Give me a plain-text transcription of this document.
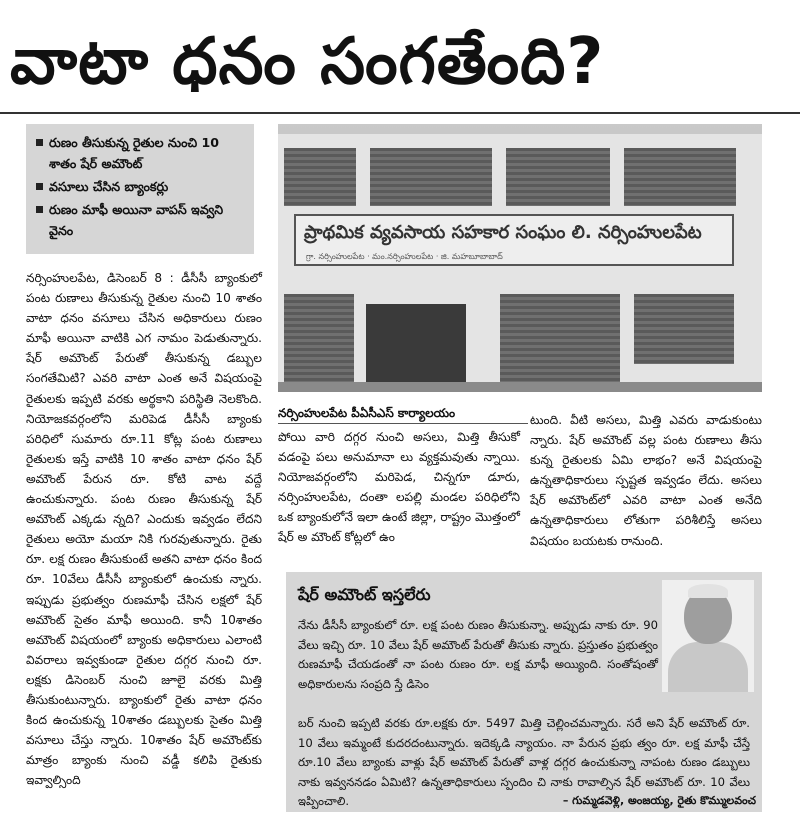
వాటా ధనం సంగతేంది?
రుణం తీసుకున్న రైతుల నుంచి 10 శాతం షేర్ అమౌంట్
వసూలు చేసిన బ్యాంకర్లు
రుణం మాఫీ అయినా వాపస్ ఇవ్వని వైనం

నర్సింహులపేట, డిసెంబర్ 8 : డీసీసీ బ్యాంకులో పంట రుణాలు తీసుకున్న రైతుల నుంచి 10 శాతం వాటా ధనం వసూలు చేసిన అధికారులు రుణం మాఫీ అయినా వాటికి ఎగ నామం పెడుతున్నారు. షేర్ అమౌంట్ పేరుతో తీసుకున్న డబ్బుల సంగతేమిటి? ఎవరి వాటా ఎంత అనే విషయంపై రైతులకు ఇప్పటి వరకు అర్థకాని పరిస్థితి నెలకొంది. నియోజకవర్గంలోని మరిపెడ డీసీసీ బ్యాంకు పరిధిలో సుమారు రూ.11 కోట్ల పంట రుణాలు రైతులకు ఇస్తే వాటికి 10 శాతం వాటా ధనం షేర్ అమౌంట్ పేరున రూ. కోటి వాట వద్దే ఉంచుకున్నారు. పంట రుణం తీసుకున్న షేర్ అమౌంట్ ఎక్కడు న్నది? ఎందుకు ఇవ్వడం లేదని రైతులు అయో మయా నికి గురవుతున్నారు. రైతు రూ. లక్ష రుణం తీసుకుంటే అతని వాటా ధనం కింద రూ. 10వేలు డీసీసీ బ్యాంకులో ఉంచుకు న్నారు. ఇప్పుడు ప్రభుత్వం రుణమాఫీ చేసిన లక్షలో షేర్ అమౌంట్ సైతం మాఫీ అయింది. కానీ 10శాతం అమౌంట్ విషయంలో బ్యాంకు అధికారులు ఎలాంటి వివరాలు ఇవ్వకుండా రైతుల దగ్గర నుంచి రూ. లక్షకు డిసెంబర్ నుంచి జూలై వరకు మిత్తి తీసుకుంటున్నారు. బ్యాంకులో రైతు వాటా ధనం కింద ఉంచుకున్న 10శాతం డబ్బులకు సైతం మిత్తి వసూలు చేస్తు న్నారు. 10శాతం షేర్ అమౌంట్‌కు మాత్రం బ్యాంకు నుంచి వడ్డీ కలిపి రైతుకు ఇవ్వాల్సింది

ప్రాథమిక వ్యవసాయ సహకార సంఘం లి. నర్సింహులపేట
గ్రా. నర్సింహులపేట · మం.నర్సింహులపేట · జి. మహబూబాబాద్
నర్సింహులపేట పీఏసీఎస్ కార్యాలయం

పోయి వారి దగ్గర నుంచి అసలు, మిత్తి తీసుకో వడంపై పలు అనుమానా లు వ్యక్తమవుతు న్నాయి. నియోజవర్గంలోని మరిపెడ, చిన్నగూ డూరు, నర్సింహులపేట, దంతా లపల్లి మండల పరిధిలోని ఒక బ్యాంకులోనే ఇలా ఉంటే జిల్లా, రాష్ట్రం మొత్తంలో షేర్ అ మౌంట్ కోట్లలో ఉం

టుంది. వీటి అసలు, మిత్తి ఎవరు వాడుకుంటు న్నారు. షేర్ అమౌంట్ వల్ల పంట రుణాలు తీసు కున్న రైతులకు ఏమి లాభం? అనే విషయంపై ఉన్నతాధికారులు స్పష్టత ఇవ్వడం లేదు. అసలు షేర్ అమౌంట్‌లో ఎవరి వాటా ఎంత అనేది ఉన్నతాధికారులు లోతుగా పరిశీలిస్తే అసలు విషయం బయటకు రానుంది.

షేర్ అమౌంట్ ఇస్తలేరు

నేను డీసీసీ బ్యాంకులో రూ. లక్ష పంట రుణం తీసుకున్నా. అప్పుడు నాకు రూ. 90 వేలు ఇచ్చి రూ. 10 వేలు షేర్ అమౌంట్ పేరుతో తీసుకు న్నారు. ప్రస్తుతం ప్రభుత్వం రుణమాఫీ చేయడంతో నా పంట రుణం రూ. లక్ష మాఫీ అయ్యింది. సంతోషంతో అధికారులను సంప్రది స్తే డిసెం

బర్ నుంచి ఇప్పటి వరకు రూ.లక్షకు రూ. 5497 మిత్తి చెల్లించమన్నారు. సరే అని షేర్ అమౌంట్ రూ. 10 వేలు ఇమ్మంటే కుదరదంటున్నారు. ఇదెక్కడి న్యాయం. నా పేరున ప్రభు త్వం రూ. లక్ష మాఫీ చేస్తే రూ.10 వేలు బ్యాంకు వాళ్లు షేర్ అమౌంట్ పేరుతో వాళ్ల దగ్గర ఉంచుకున్నా నాపంట రుణం డబ్బులు నాకు ఇవ్వననడం ఏమిటి? ఉన్నతాధికారులు స్పందిం చి నాకు రావాల్సిన షేర్ అమౌంట్ రూ. 10 వేలు ఇప్పించాలి.	– గుమ్మడవెళ్లి, అంజయ్య, రైతు కొమ్ములవంచ
